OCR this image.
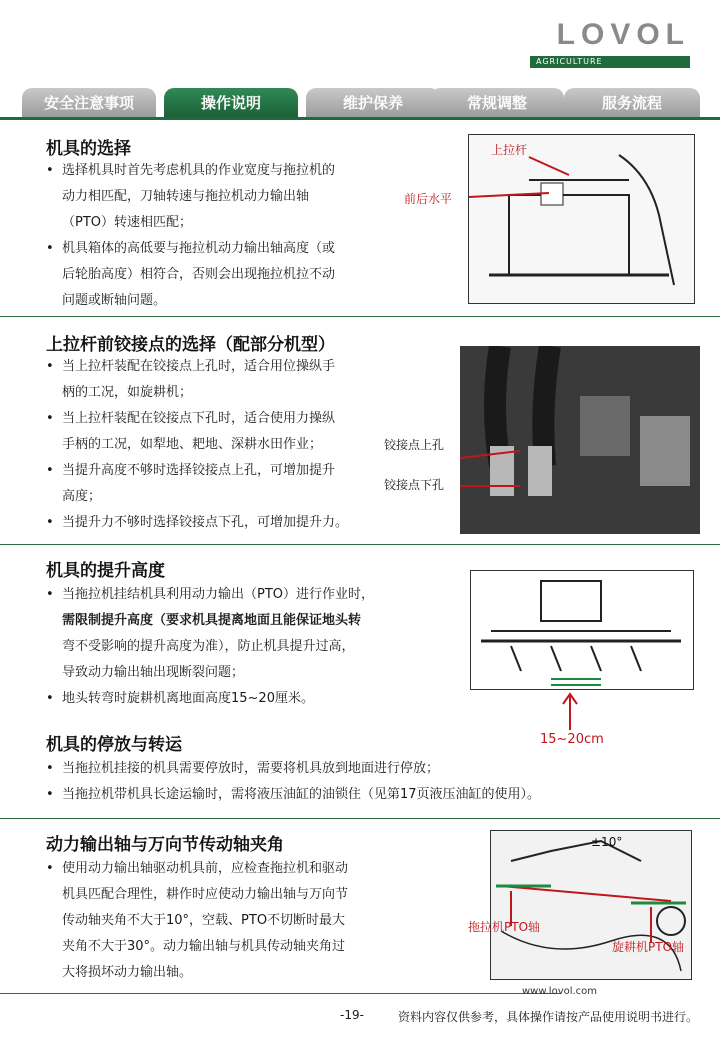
LOVOL
AGRICULTURE
安全注意事项	操作说明	维护保养	常规调整	服务流程
机具的选择
• 选择机具时首先考虑机具的作业宽度与拖拉机的
动力相匹配，刀轴转速与拖拉机动力输出轴
（PTO）转速相匹配；
• 机具箱体的高低要与拖拉机动力输出轴高度（或
后轮胎高度）相符合，否则会出现拖拉机拉不动
问题或断轴问题。
上拉杆
前后水平
上拉杆前铰接点的选择（配部分机型）
• 当上拉杆装配在铰接点上孔时，适合用位操纵手
柄的工况，如旋耕机；
• 当上拉杆装配在铰接点下孔时，适合使用力操纵
手柄的工况，如犁地、耙地、深耕水田作业；
• 当提升高度不够时选择铰接点上孔，可增加提升
高度；
• 当提升力不够时选择铰接点下孔，可增加提升力。
铰接点上孔
铰接点下孔
机具的提升高度
• 当拖拉机挂结机具利用动力输出（PTO）进行作业时，
需限制提升高度（要求机具提离地面且能保证地头转
弯不受影响的提升高度为准），防止机具提升过高，
导致动力输出轴出现断裂问题；
• 地头转弯时旋耕机离地面高度15~20厘米。
15~20cm
机具的停放与转运
• 当拖拉机挂接的机具需要停放时，需要将机具放到地面进行停放；
• 当拖拉机带机具长途运输时，需将液压油缸的油锁住（见第17页液压油缸的使用）。
动力输出轴与万向节传动轴夹角
• 使用动力输出轴驱动机具前，应检查拖拉机和驱动
机具匹配合理性，耕作时应使动力输出轴与万向节
传动轴夹角不大于10°，空载、PTO不切断时最大
夹角不大于30°。动力输出轴与机具传动轴夹角过
大将损坏动力输出轴。
±10°
拖拉机PTO轴
旋耕机PTO轴
www.lovol.com
-19-	资料内容仅供参考，具体操作请按产品使用说明书进行。
